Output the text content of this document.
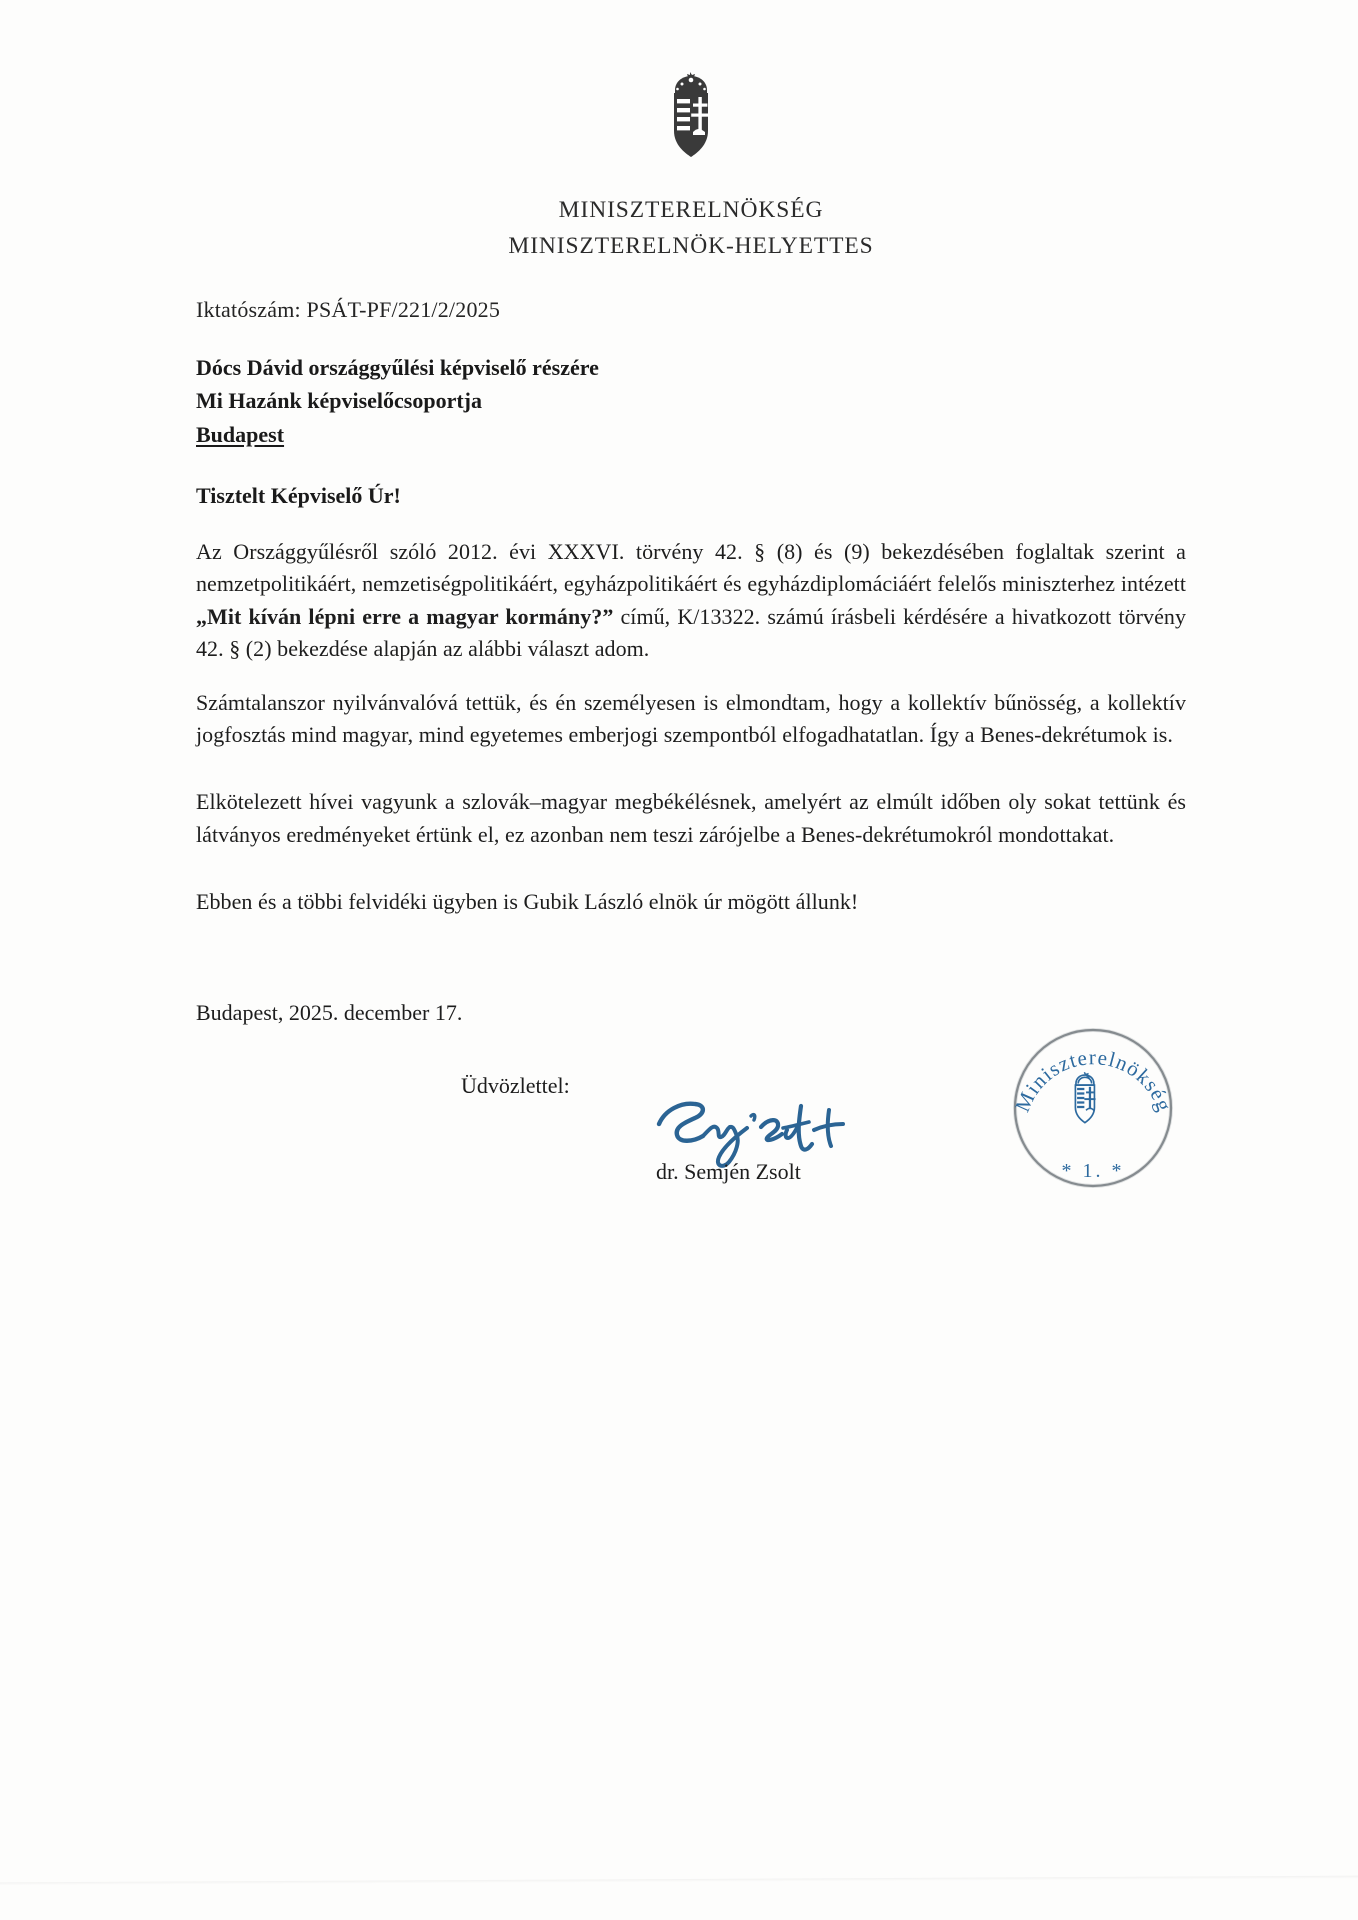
MINISZTERELNÖKSÉG
MINISZTERELNÖK-HELYETTES
Iktatószám: PSÁT-PF/221/2/2025
Dócs Dávid országgyűlési képviselő részére
Mi Hazánk képviselőcsoportja
Budapest
Tisztelt Képviselő Úr!

Az Országgyűlésről szóló 2012. évi XXXVI. törvény 42. § (8) és (9) bekezdésében foglaltak szerint a nemzetpolitikáért, nemzetiségpolitikáért, egyházpolitikáért és egyházdiplomáciáért felelős miniszterhez intézett „Mit kíván lépni erre a magyar kormány?” című, K/13322. számú írásbeli kérdésére a hivatkozott törvény 42. § (2) bekezdése alapján az alábbi választ adom.

Számtalanszor nyilvánvalóvá tettük, és én személyesen is elmondtam, hogy a kollektív bűnösség, a kollektív jogfosztás mind magyar, mind egyetemes emberjogi szempontból elfogadhatatlan. Így a Benes-dekrétumok is.

Elkötelezett hívei vagyunk a szlovák–magyar megbékélésnek, amelyért az elmúlt időben oly sokat tettünk és látványos eredményeket értünk el, ez azonban nem teszi zárójelbe a Benes-dekrétumokról mondottakat.

Ebben és a többi felvidéki ügyben is Gubik László elnök úr mögött állunk!

Budapest, 2025. december 17.
Üdvözlettel:
dr. Semjén Zsolt
Miniszterelnökség
* 1. *
